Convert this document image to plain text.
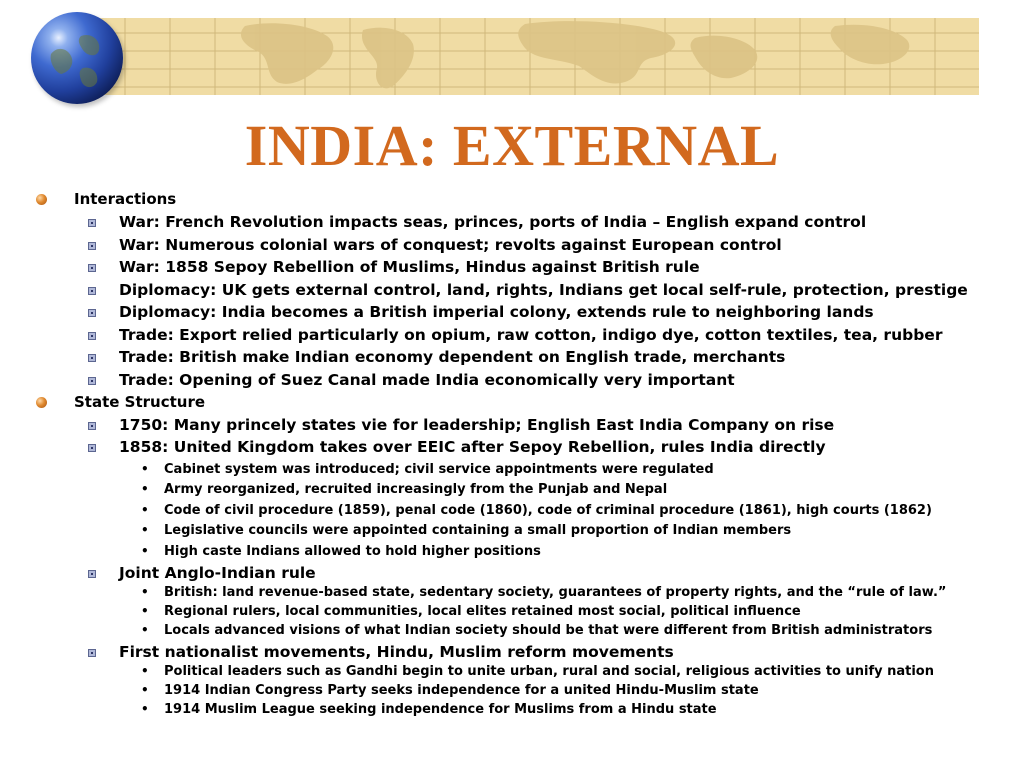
INDIA: EXTERNAL
Interactions
War: French Revolution impacts seas, princes, ports of India – English expand control
War: Numerous colonial wars of conquest; revolts against European control
War: 1858 Sepoy Rebellion of Muslims, Hindus against British rule
Diplomacy: UK gets external control, land, rights, Indians get local self-rule, protection, prestige
Diplomacy: India becomes a British imperial colony, extends rule to neighboring lands
Trade: Export relied particularly on opium, raw cotton, indigo dye, cotton textiles, tea, rubber
Trade: British make Indian economy dependent on English trade, merchants
Trade: Opening of Suez Canal made India economically very important
State Structure
1750: Many princely states vie for leadership; English East India Company on rise
1858: United Kingdom takes over EEIC after Sepoy Rebellion, rules India directly
• Cabinet system was introduced; civil service appointments were regulated
• Army reorganized, recruited increasingly from the Punjab and Nepal
• Code of civil procedure (1859), penal code (1860), code of criminal procedure (1861), high courts (1862)
• Legislative councils were appointed containing a small proportion of Indian members
• High caste Indians allowed to hold higher positions
Joint Anglo-Indian rule
• British: land revenue-based state, sedentary society, guarantees of property rights, and the “rule of law.”
• Regional rulers, local communities, local elites retained most social, political influence
• Locals advanced visions of what Indian society should be that were different from British administrators
First nationalist movements, Hindu, Muslim reform movements
• Political leaders such as Gandhi begin to unite urban, rural and social, religious activities to unify nation
• 1914 Indian Congress Party seeks independence for a united Hindu-Muslim state
• 1914 Muslim League seeking independence for Muslims from a Hindu state
